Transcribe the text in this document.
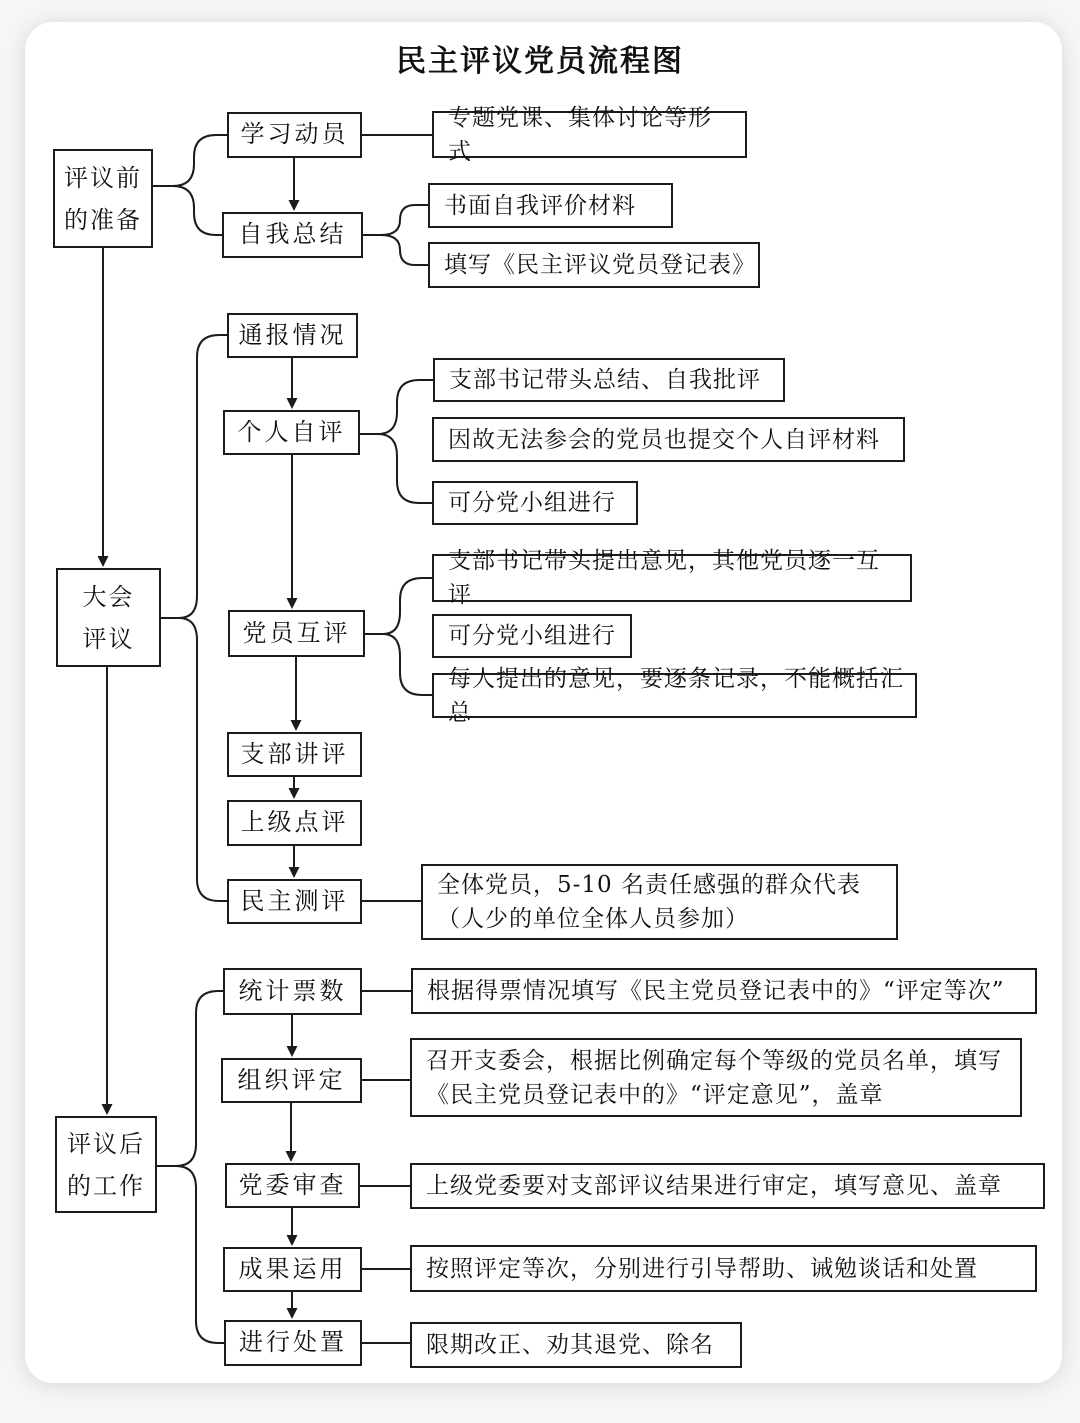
民主评议党员流程图
评议前
的准备
大会
评议
评议后
的工作
学习动员
自我总结
通报情况
个人自评
党员互评
支部讲评
上级点评
民主测评
统计票数
组织评定
党委审查
成果运用
进行处置
专题党课、集体讨论等形式
书面自我评价材料
填写《民主评议党员登记表》
支部书记带头总结、自我批评
因故无法参会的党员也提交个人自评材料
可分党小组进行
支部书记带头提出意见，其他党员逐一互评
可分党小组进行
每人提出的意见，要逐条记录，不能概括汇总
全体党员，5-10 名责任感强的群众代表（人少的单位全体人员参加）
根据得票情况填写《民主党员登记表中的》“评定等次”
召开支委会，根据比例确定每个等级的党员名单，填写《民主党员登记表中的》“评定意见”，盖章
上级党委要对支部评议结果进行审定，填写意见、盖章
按照评定等次，分别进行引导帮助、诫勉谈话和处置
限期改正、劝其退党、除名
